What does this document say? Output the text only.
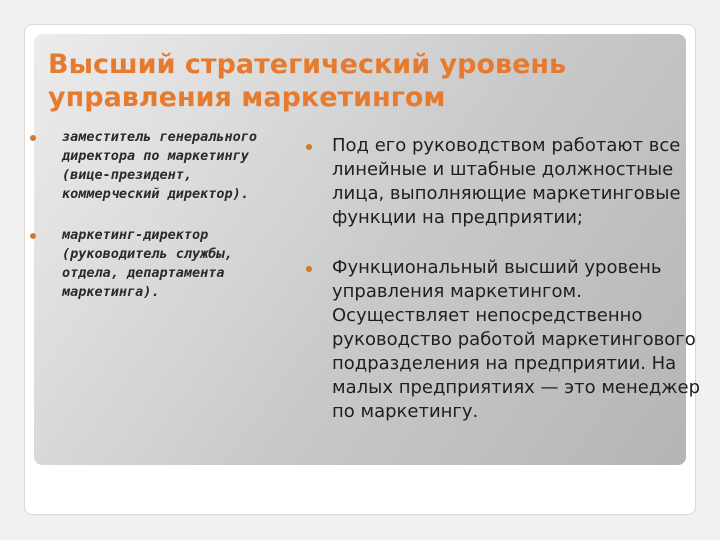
Высший стратегический уровень управления маркетингом
заместитель генерального директора по маркетингу (вице-президент, коммерческий директор).
маркетинг-директор (руководитель службы, отдела, департамента маркетинга).
Под его руководством работают все линейные и штабные должностные лица, выполняющие маркетинговые функции на предприятии;
Функциональный высший уровень управления маркетингом. Осуществляет непосредственно руководство работой маркетингового подразделения на предприятии. На малых предприятиях — это менеджер по маркетингу.
